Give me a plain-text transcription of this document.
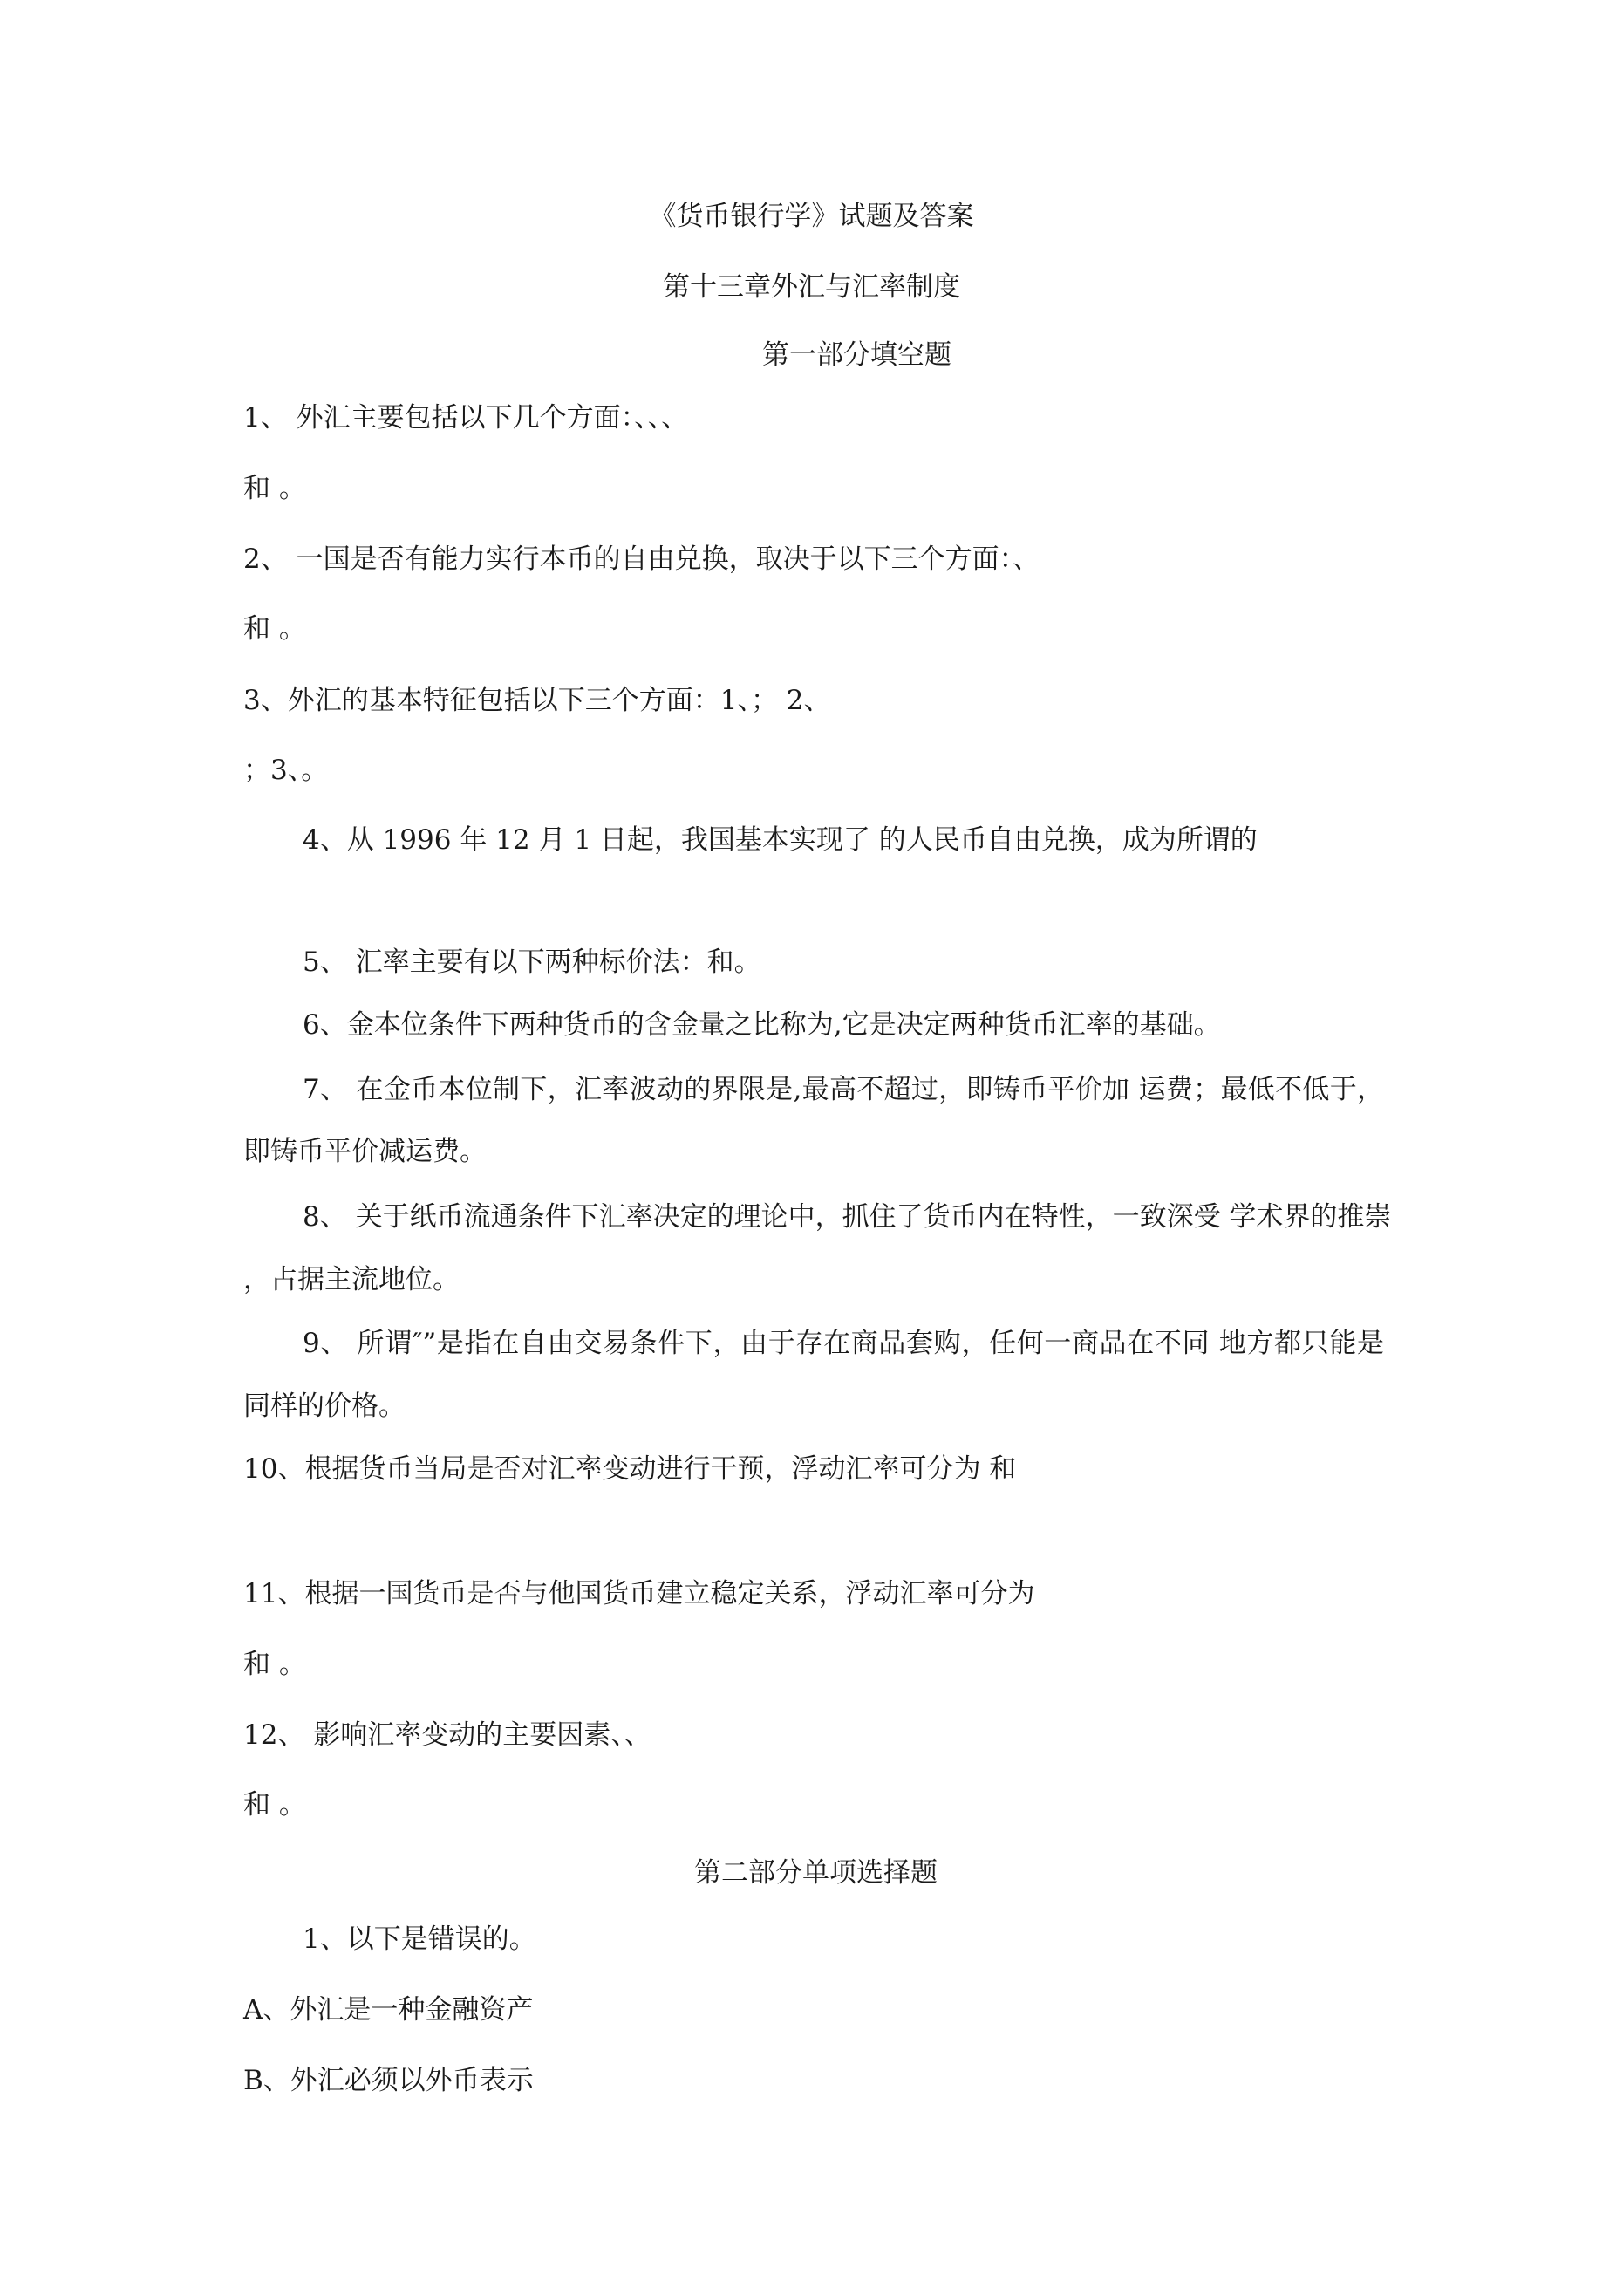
《货币银行学》试题及答案
第十三章外汇与汇率制度
第一部分填空题
1、 外汇主要包括以下几个方面：、、、
和 。
2、 一国是否有能力实行本币的自由兑换，取决于以下三个方面：、
和 。
3、外汇的基本特征包括以下三个方面：1、； 2、
；3、。
4、从 1996 年 12 月 1 日起，我国基本实现了 的人民币自由兑换，成为所谓的
5、 汇率主要有以下两种标价法：和。
6、金本位条件下两种货币的含金量之比称为,它是决定两种货币汇率的基础。
7、 在金币本位制下，汇率波动的界限是,最高不超过，即铸币平价加 运费；最低不低于，
即铸币平价减运费。
8、 关于纸币流通条件下汇率决定的理论中，抓住了货币内在特性，一致深受 学术界的推崇
，占据主流地位。
9、 所谓″”是指在自由交易条件下，由于存在商品套购，任何一商品在不同 地方都只能是
同样的价格。
10、根据货币当局是否对汇率变动进行干预，浮动汇率可分为 和
11、根据一国货币是否与他国货币建立稳定关系，浮动汇率可分为
和 。
12、 影响汇率变动的主要因素、、
和 。
第二部分单项选择题
1、以下是错误的。
A、外汇是一种金融资产
B、外汇必须以外币表示
